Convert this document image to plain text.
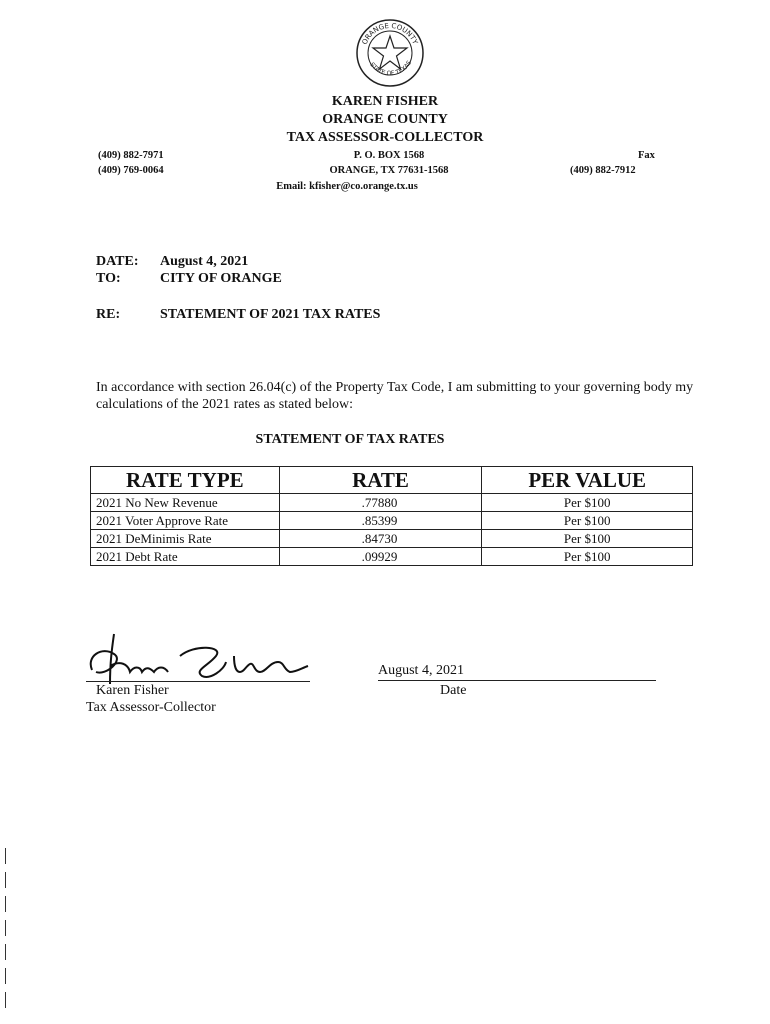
ORANGE COUNTY
STATE OF TEXAS
KAREN FISHER
ORANGE COUNTY
TAX ASSESSOR-COLLECTOR
(409) 882-7971
(409) 769-0064
P. O. BOX 1568
ORANGE, TX 77631-1568
Email: kfisher@co.orange.tx.us
Fax
(409) 882-7912
DATE: August 4, 2021
TO:	CITY OF ORANGE
RE:	STATEMENT OF 2021 TAX RATES
In accordance with section 26.04(c) of the Property Tax Code, I am submitting to your governing body my calculations of the 2021 rates as stated below:
STATEMENT OF TAX RATES
RATE TYPE	RATE	PER VALUE
2021 No New Revenue	.77880	Per $100
2021 Voter Approve Rate	.85399	Per $100
2021 DeMinimis Rate	.84730	Per $100
2021 Debt Rate	.09929	Per $100
Karen Fisher
Tax Assessor-Collector
August 4, 2021
Date
